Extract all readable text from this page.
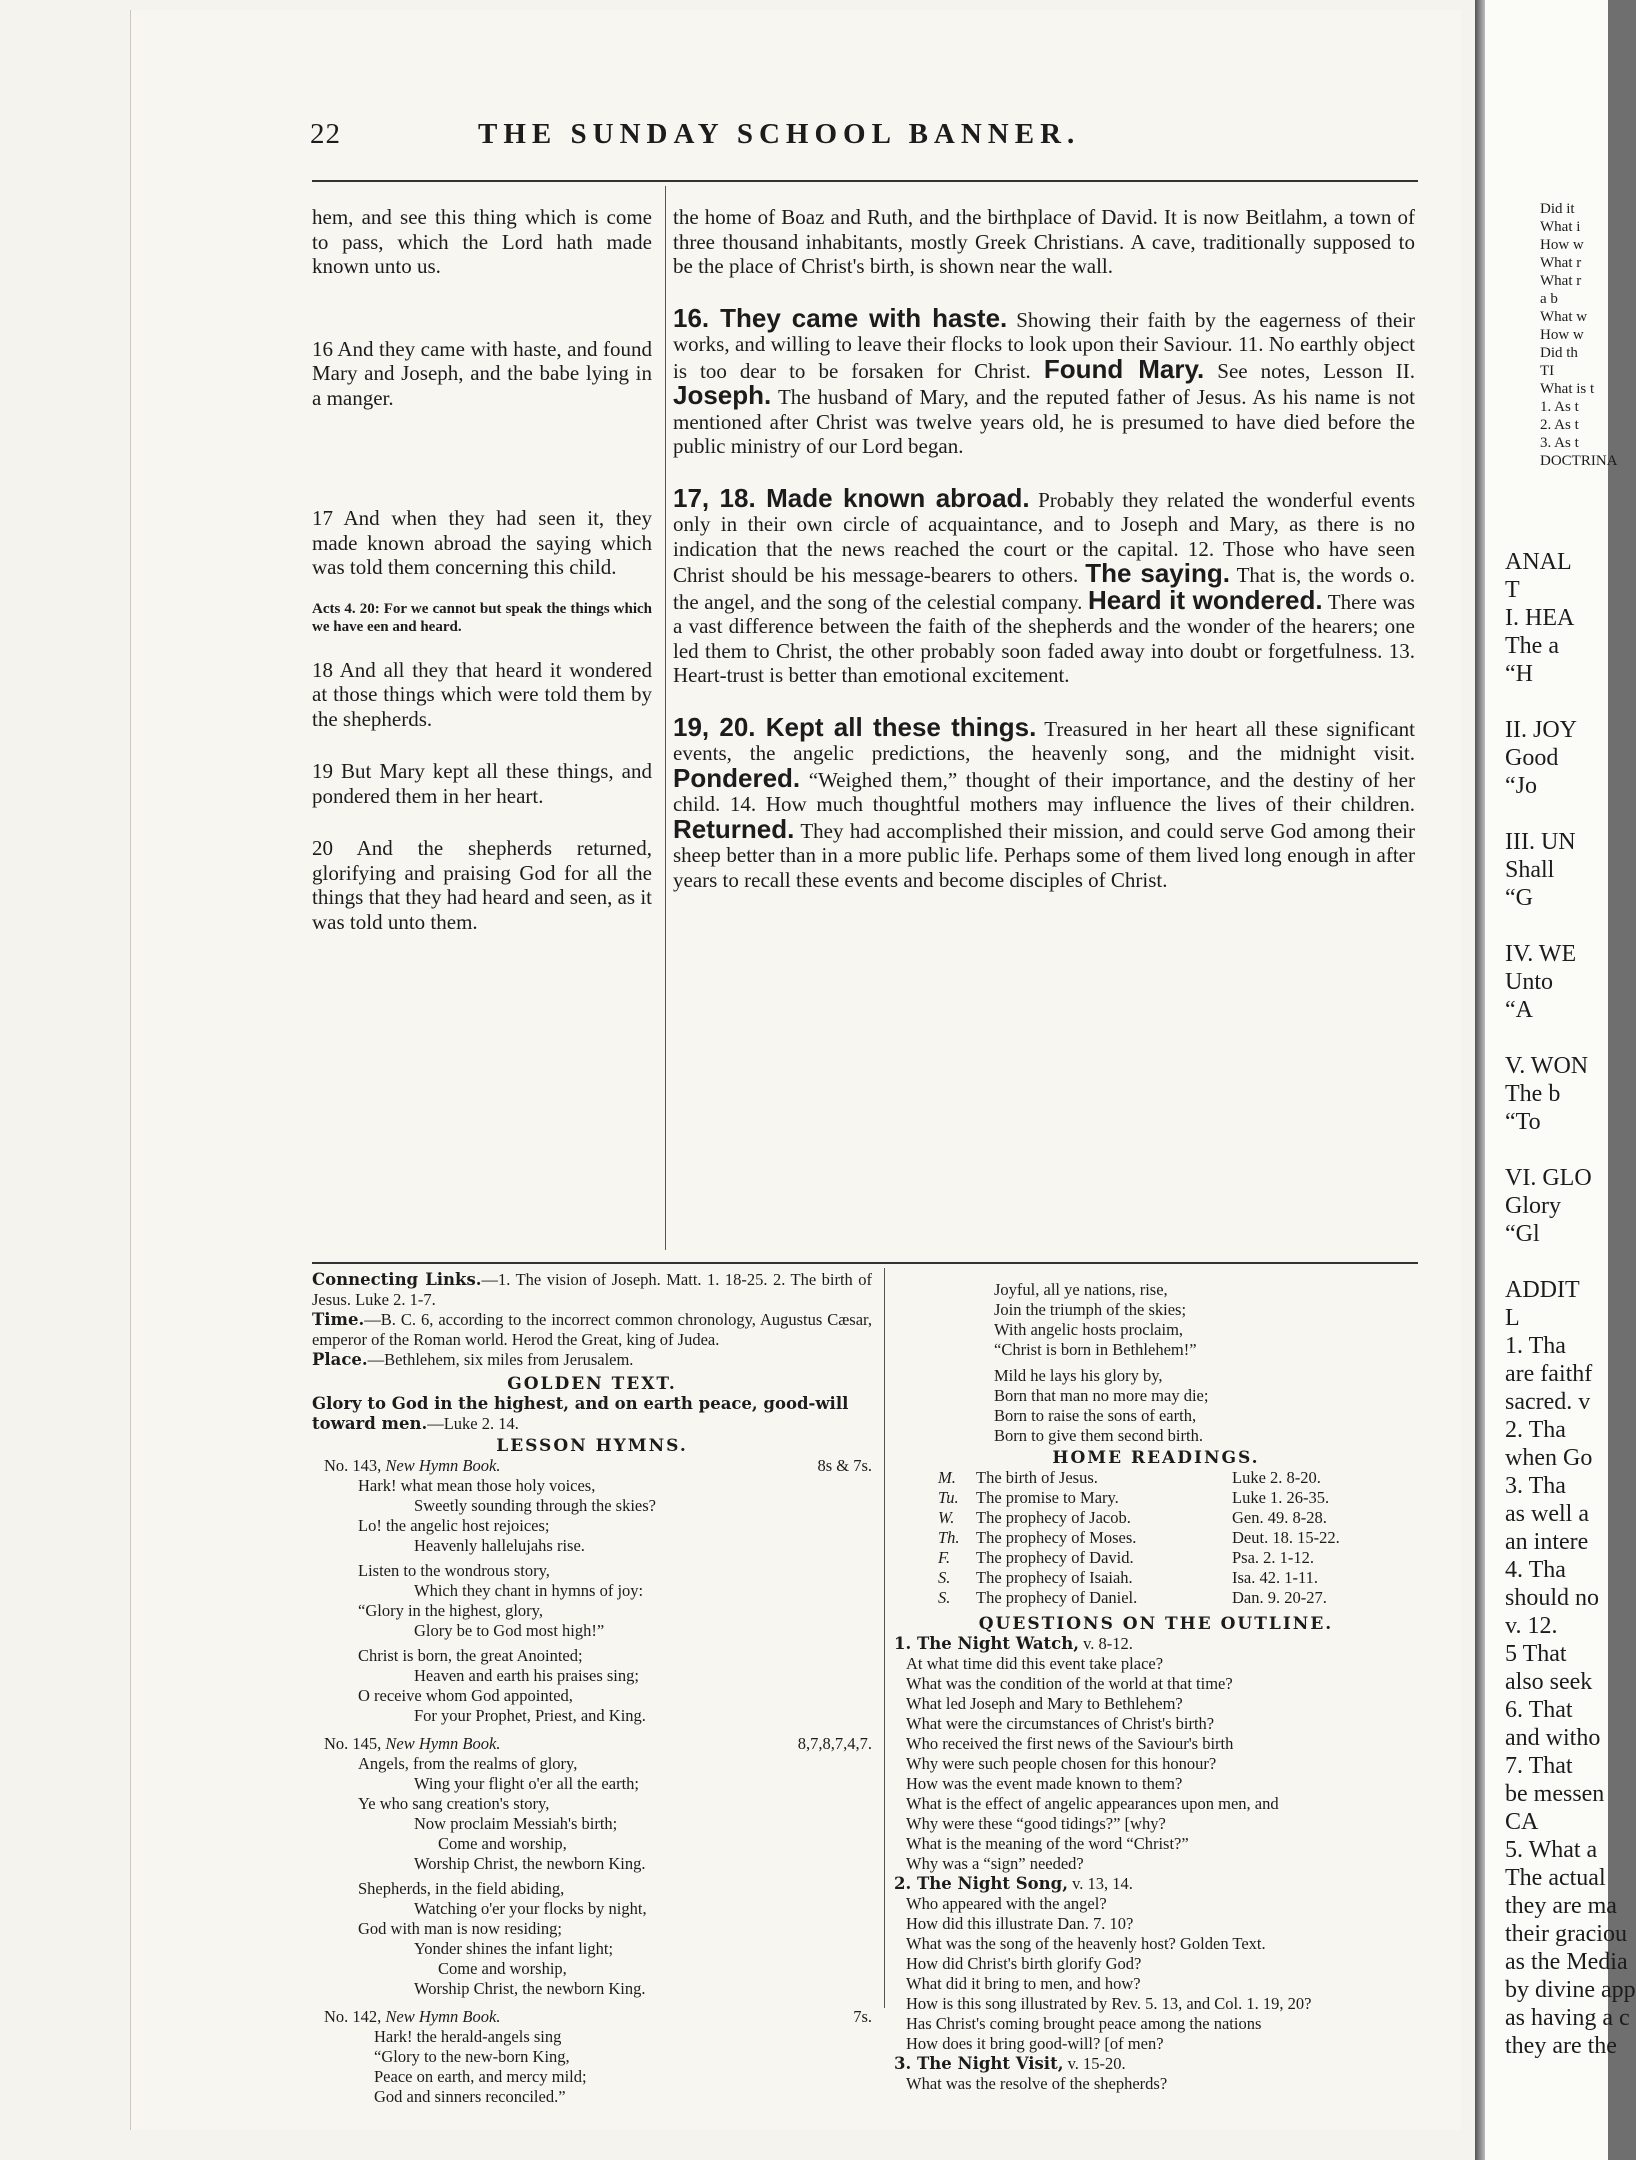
22	THE SUNDAY SCHOOL BANNER.

hem, and see this thing which is come to pass, which the Lord hath made known unto us.

16 And they came with haste, and found Mary and Joseph, and the babe lying in a manger.

17 And when they had seen it, they made known abroad the saying which was told them concerning this child.

Acts 4. 20: For we cannot but speak the things which we have een and heard.

18 And all they that heard it wondered at those things which were told them by the shepherds.

19 But Mary kept all these things, and pondered them in her heart.

20 And the shepherds returned, glorifying and praising God for all the things that they had heard and seen, as it was told unto them.

the home of Boaz and Ruth, and the birthplace of David. It is now Beitlahm, a town of three thousand inhabitants, mostly Greek Christians. A cave, traditionally supposed to be the place of Christ's birth, is shown near the wall.

16. They came with haste. Showing their faith by the eagerness of their works, and willing to leave their flocks to look upon their Saviour. 11. No earthly object is too dear to be forsaken for Christ. Found Mary. See notes, Lesson II. Joseph. The husband of Mary, and the reputed father of Jesus. As his name is not mentioned after Christ was twelve years old, he is presumed to have died before the public ministry of our Lord began.

17, 18. Made known abroad. Probably they related the wonderful events only in their own circle of acquaintance, and to Joseph and Mary, as there is no indication that the news reached the court or the capital. 12. Those who have seen Christ should be his message-bearers to others. The saying. That is, the words o. the angel, and the song of the celestial company. Heard it wondered. There was a vast difference between the faith of the shepherds and the wonder of the hearers; one led them to Christ, the other probably soon faded away into doubt or forgetfulness. 13. Heart-trust is better than emotional excitement.

19, 20. Kept all these things. Treasured in her heart all these significant events, the angelic predictions, the heavenly song, and the midnight visit. Pondered. “Weighed them,” thought of their importance, and the destiny of her child. 14. How much thoughtful mothers may influence the lives of their children. Returned. They had accomplished their mission, and could serve God among their sheep better than in a more public life. Perhaps some of them lived long enough in after years to recall these events and become disciples of Christ.

Connecting Links.—1. The vision of Joseph. Matt. 1. 18-25. 2. The birth of Jesus. Luke 2. 1-7.
Time.—B. C. 6, according to the incorrect common chronology, Augustus Cæsar, emperor of the Roman world. Herod the Great, king of Judea.
Place.—Bethlehem, six miles from Jerusalem.
GOLDEN TEXT.
Glory to God in the highest, and on earth peace, good-will toward men.—Luke 2. 14.
LESSON HYMNS.
No. 143, New Hymn Book.	8s & 7s.
Hark! what mean those holy voices,
Sweetly sounding through the skies?
Lo! the angelic host rejoices;
Heavenly hallelujahs rise.
Listen to the wondrous story,
Which they chant in hymns of joy:
“Glory in the highest, glory,
Glory be to God most high!”
Christ is born, the great Anointed;
Heaven and earth his praises sing;
O receive whom God appointed,
For your Prophet, Priest, and King.
No. 145, New Hymn Book.	8,7,8,7,4,7.
Angels, from the realms of glory,
Wing your flight o'er all the earth;
Ye who sang creation's story,
Now proclaim Messiah's birth;
Come and worship,
Worship Christ, the newborn King.
Shepherds, in the field abiding,
Watching o'er your flocks by night,
God with man is now residing;
Yonder shines the infant light;
Come and worship,
Worship Christ, the newborn King.
No. 142, New Hymn Book.	7s.
Hark! the herald-angels sing
“Glory to the new-born King,
Peace on earth, and mercy mild;
God and sinners reconciled.”
Joyful, all ye nations, rise,
Join the triumph of the skies;
With angelic hosts proclaim,
“Christ is born in Bethlehem!”
Mild he lays his glory by,
Born that man no more may die;
Born to raise the sons of earth,
Born to give them second birth.
HOME READINGS.
M.	The birth of Jesus.	Luke 2. 8-20.
Tu.	The promise to Mary.	Luke 1. 26-35.
W.	The prophecy of Jacob.	Gen. 49. 8-28.
Th. The prophecy of Moses.	Deut. 18. 15-22.
F.	The prophecy of David.	Psa. 2. 1-12.
S.	The prophecy of Isaiah.	Isa. 42. 1-11.
S.	The prophecy of Daniel.	Dan. 9. 20-27.
QUESTIONS ON THE OUTLINE.
1. The Night Watch, v. 8-12.
At what time did this event take place?
What was the condition of the world at that time?
What led Joseph and Mary to Bethlehem?
What were the circumstances of Christ's birth?
Who received the first news of the Saviour's birth
Why were such people chosen for this honour?
How was the event made known to them?
What is the effect of angelic appearances upon men, and
Why were these “good tidings?” [why?
What is the meaning of the word “Christ?”
Why was a “sign” needed?
2. The Night Song, v. 13, 14.
Who appeared with the angel?
How did this illustrate Dan. 7. 10?
What was the song of the heavenly host? Golden Text.
How did Christ's birth glorify God?
What did it bring to men, and how?
How is this song illustrated by Rev. 5. 13, and Col. 1. 19, 20?
Has Christ's coming brought peace among the nations
How does it bring good-will? [of men?
3. The Night Visit, v. 15-20.
What was the resolve of the shepherds?
Did it
What i
How w
What r
What r
a b
What w
How w
Did th
TI
What is t
1. As t
2. As t
3. As t
DOCTRINA
ANAL
T
I. HEA
The a
“H

II. JOY
Good
“Jo

III. UN
Shall
“G

IV. WE
Unto
“A

V. WON
The b
“To

VI. GLO
Glory
“Gl

ADDIT
L
1. Tha
are faithf
sacred. v
2. Tha
when Go
3. Tha
as well a
an intere
4. Tha
should no
v. 12.
5 That
also seek
6. That
and witho
7. That
be messen
CA
5. What a
The actual
they are ma
their graciou
as the Media
by divine app
as having a c
they are the
